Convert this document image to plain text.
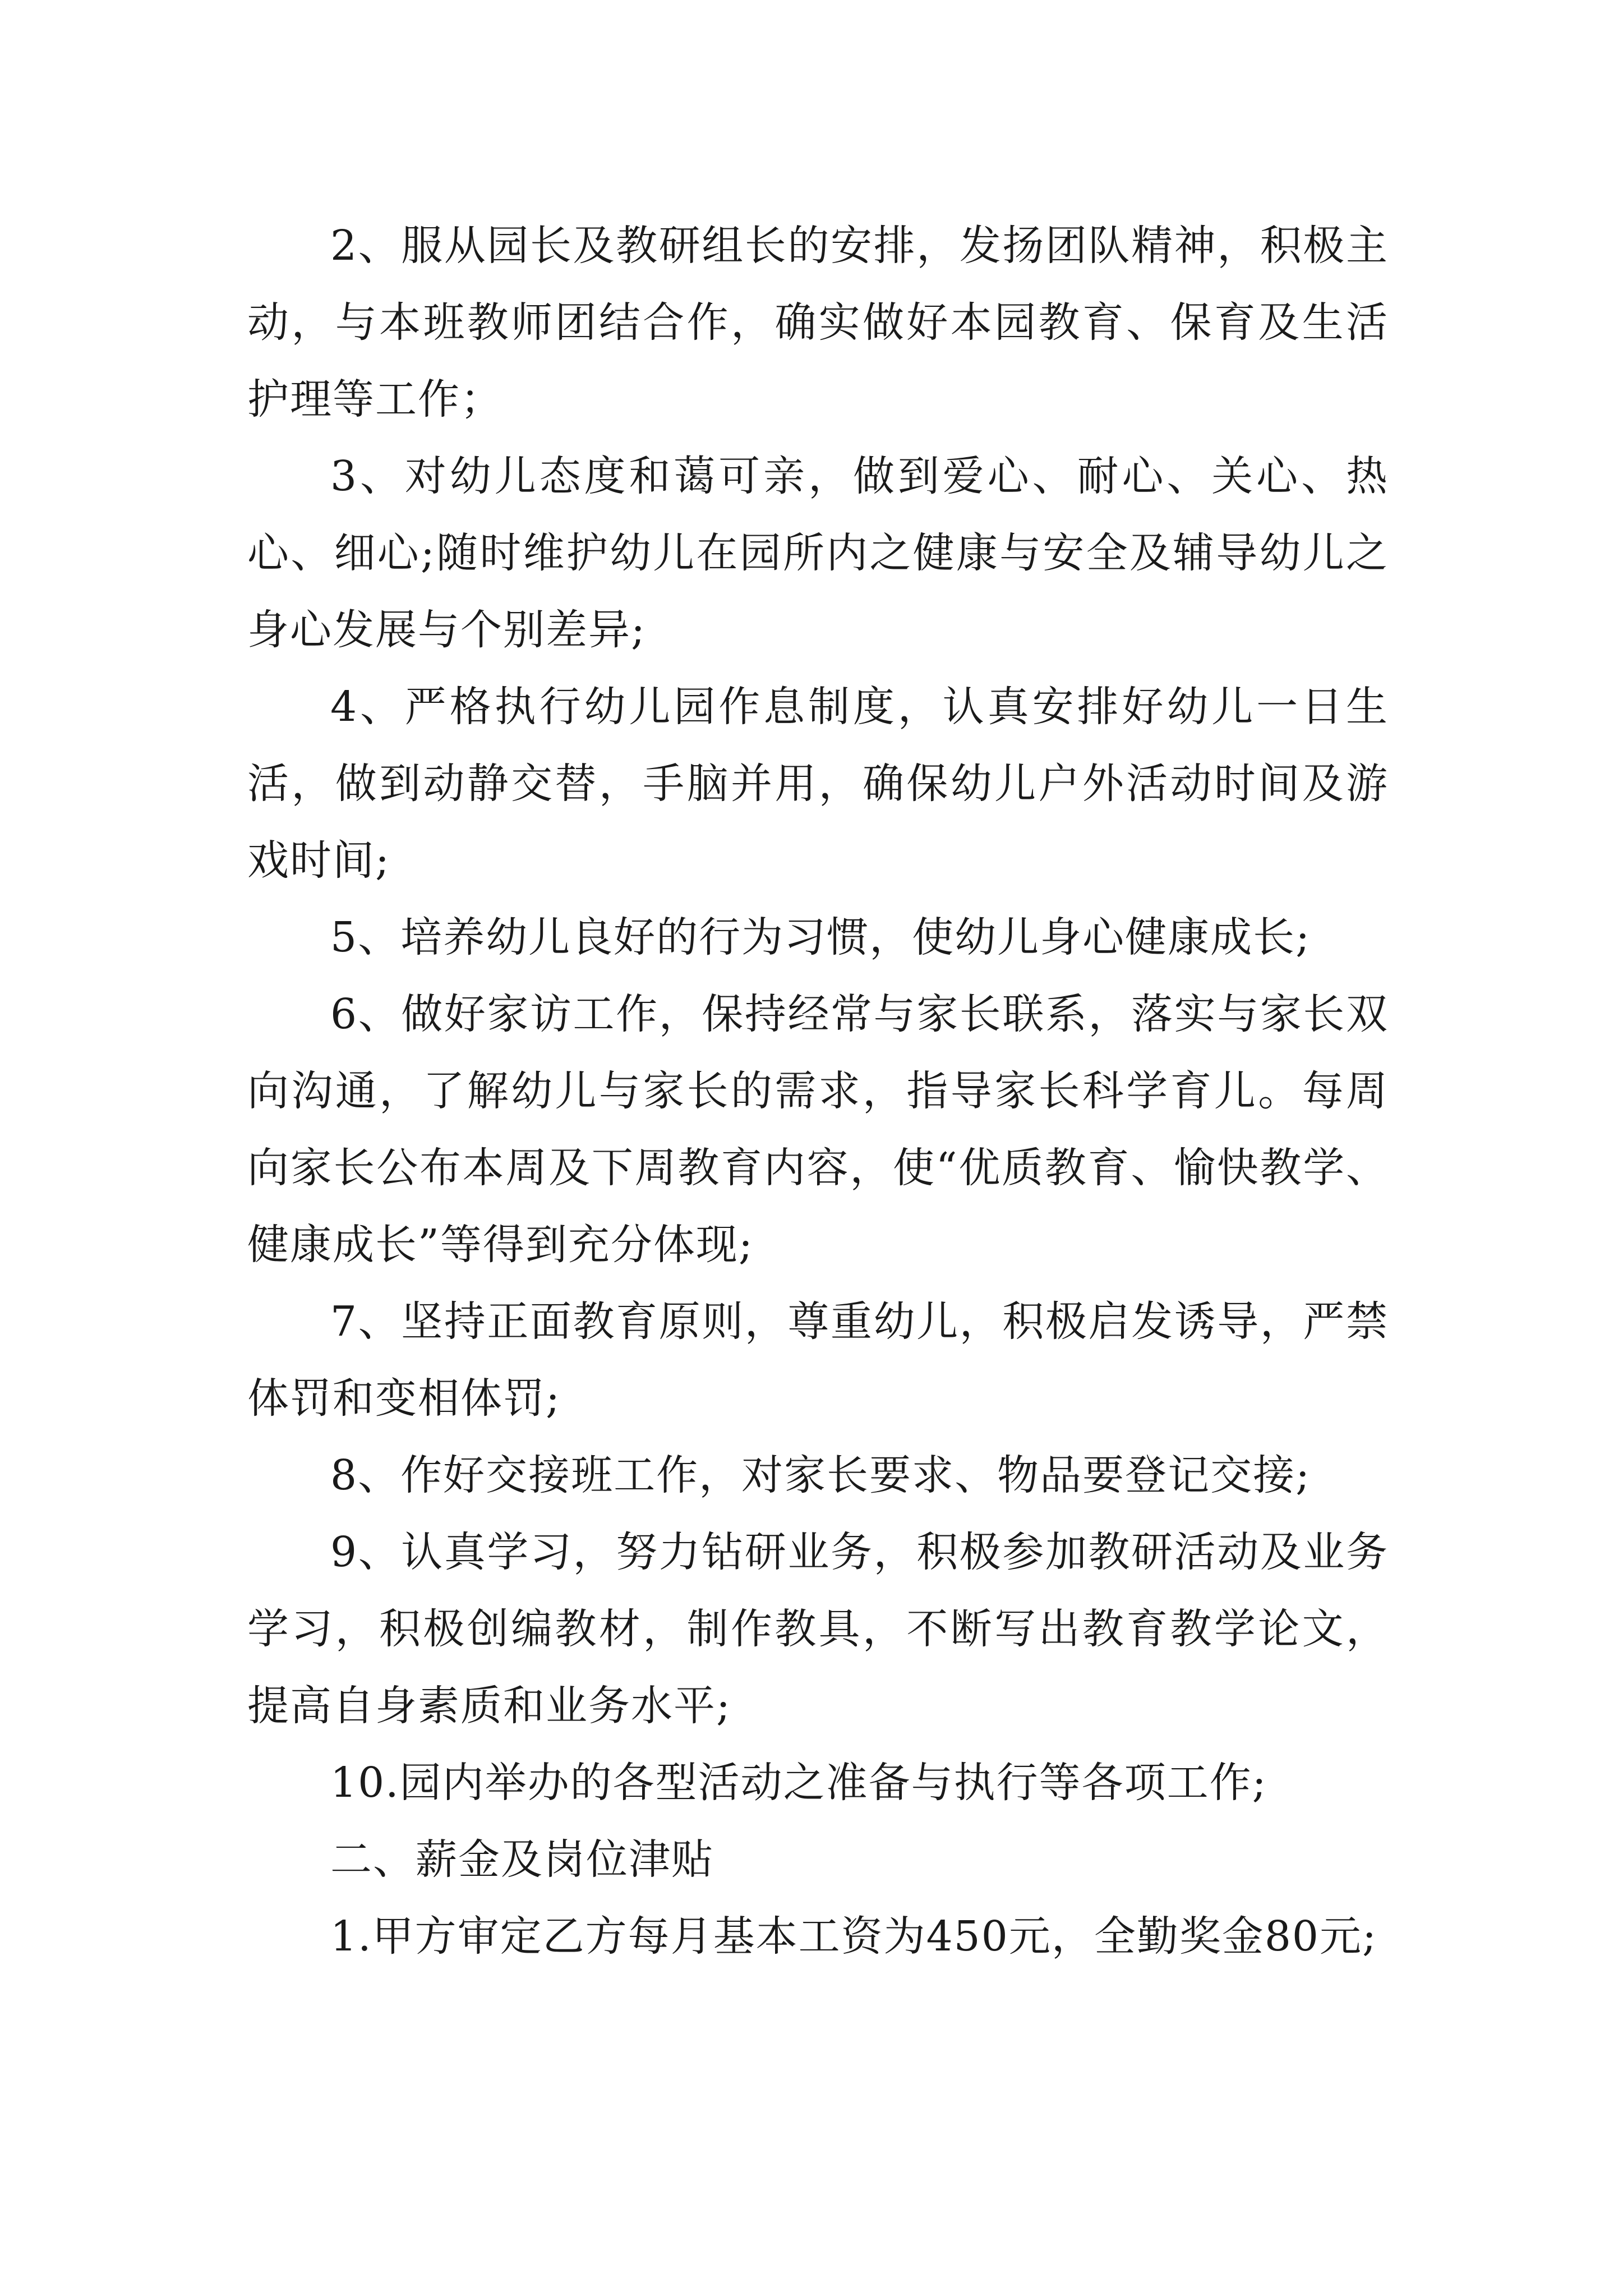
2、服从园长及教研组长的安排，发扬团队精神，积极主动，与本班教师团结合作，确实做好本园教育、保育及生活护理等工作；

3、对幼儿态度和蔼可亲，做到爱心、耐心、关心、热心、细心;随时维护幼儿在园所内之健康与安全及辅导幼儿之身心发展与个别差异;

4、严格执行幼儿园作息制度，认真安排好幼儿一日生活，做到动静交替，手脑并用，确保幼儿户外活动时间及游戏时间;

5、培养幼儿良好的行为习惯，使幼儿身心健康成长;

6、做好家访工作，保持经常与家长联系，落实与家长双向沟通，了解幼儿与家长的需求，指导家长科学育儿。每周向家长公布本周及下周教育内容，使“优质教育、愉快教学、健康成长”等得到充分体现;

7、坚持正面教育原则，尊重幼儿，积极启发诱导，严禁体罚和变相体罚;

8、作好交接班工作，对家长要求、物品要登记交接;

9、认真学习，努力钻研业务，积极参加教研活动及业务学习，积极创编教材，制作教具，不断写出教育教学论文，提高自身素质和业务水平;

10.园内举办的各型活动之准备与执行等各项工作;

二、薪金及岗位津贴

1.甲方审定乙方每月基本工资为450元，全勤奖金80元;
